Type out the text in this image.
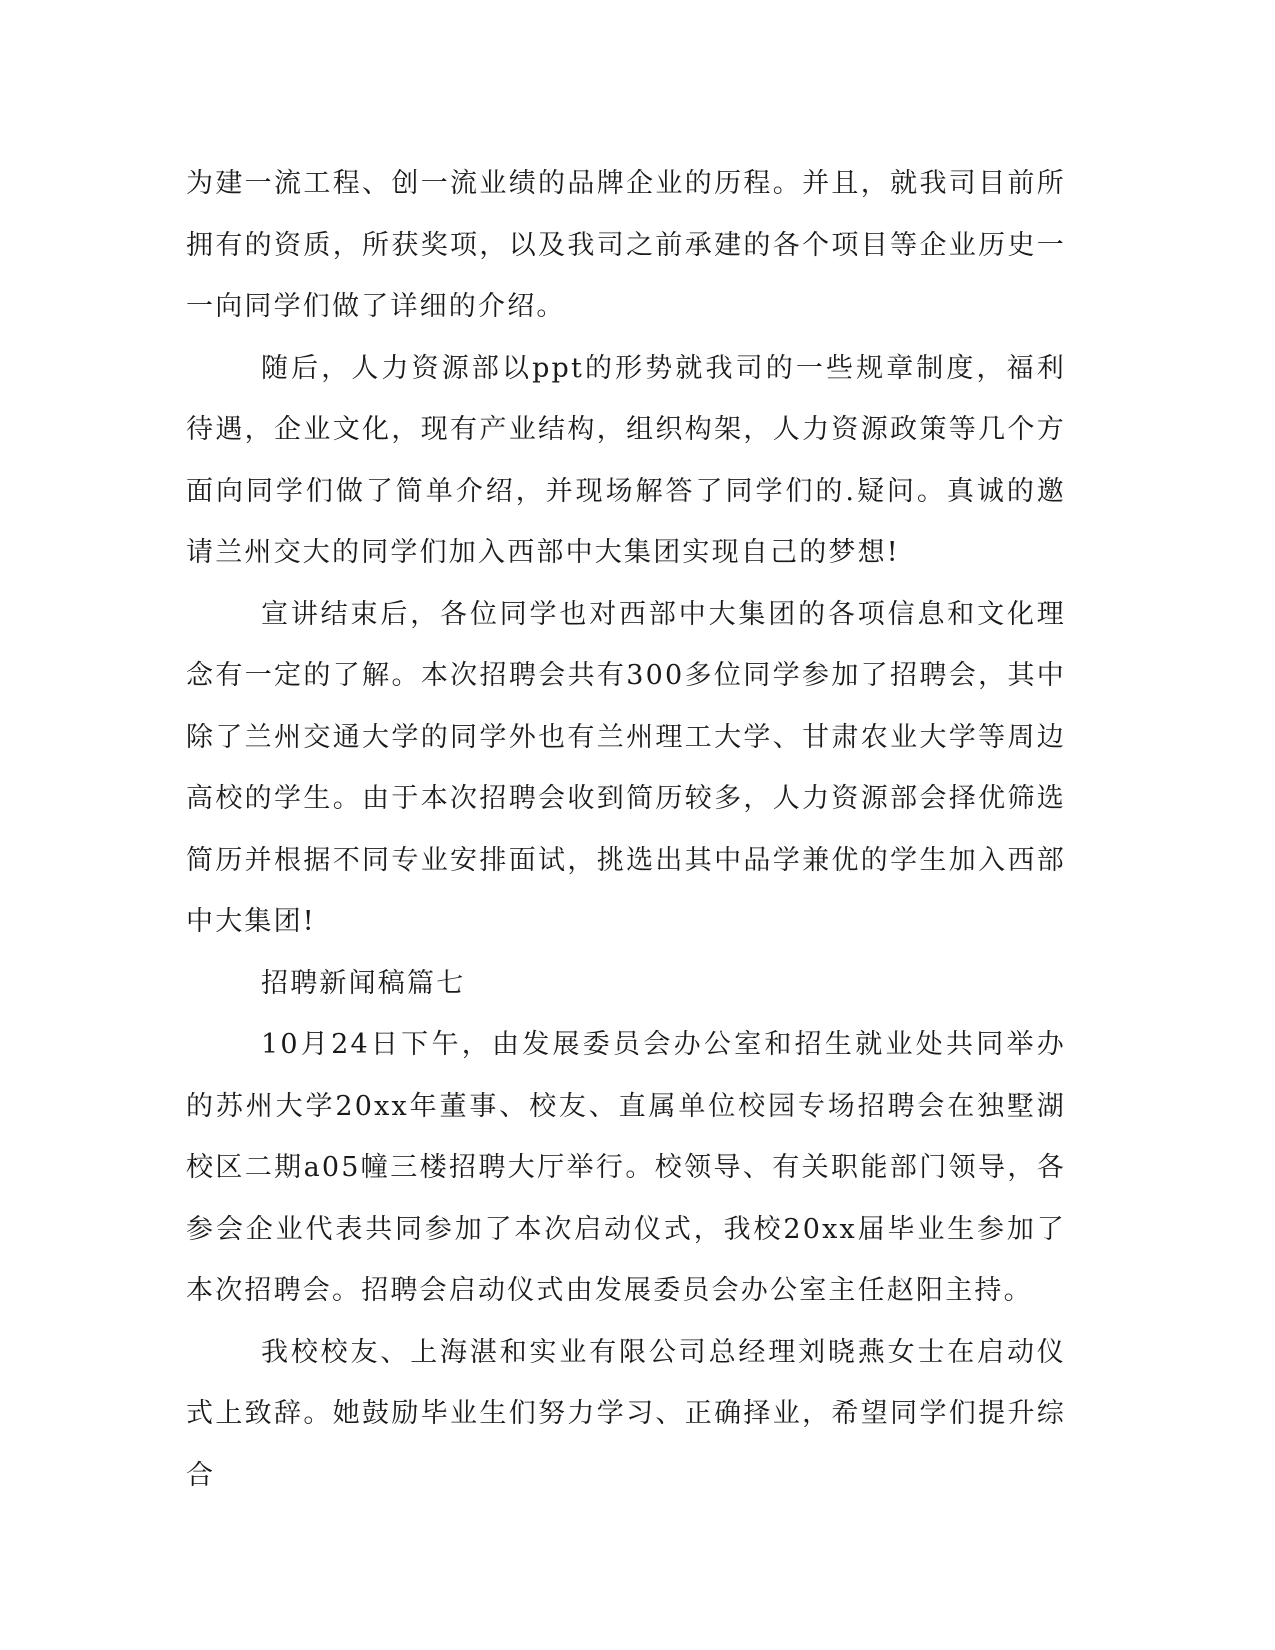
为建一流工程、创一流业绩的品牌企业的历程。并且，就我司目前所拥有的资质，所获奖项，以及我司之前承建的各个项目等企业历史一一向同学们做了详细的介绍。

随后，人力资源部以ppt的形势就我司的一些规章制度，福利待遇，企业文化，现有产业结构，组织构架，人力资源政策等几个方面向同学们做了简单介绍，并现场解答了同学们的.疑问。真诚的邀请兰州交大的同学们加入西部中大集团实现自己的梦想!

宣讲结束后，各位同学也对西部中大集团的各项信息和文化理念有一定的了解。本次招聘会共有300多位同学参加了招聘会，其中除了兰州交通大学的同学外也有兰州理工大学、甘肃农业大学等周边高校的学生。由于本次招聘会收到简历较多，人力资源部会择优筛选简历并根据不同专业安排面试，挑选出其中品学兼优的学生加入西部中大集团!

招聘新闻稿篇七

10月24日下午，由发展委员会办公室和招生就业处共同举办的苏州大学20xx年董事、校友、直属单位校园专场招聘会在独墅湖校区二期a05幢三楼招聘大厅举行。校领导、有关职能部门领导，各参会企业代表共同参加了本次启动仪式，我校20xx届毕业生参加了本次招聘会。招聘会启动仪式由发展委员会办公室主任赵阳主持。

我校校友、上海湛和实业有限公司总经理刘晓燕女士在启动仪式上致辞。她鼓励毕业生们努力学习、正确择业，希望同学们提升综合
